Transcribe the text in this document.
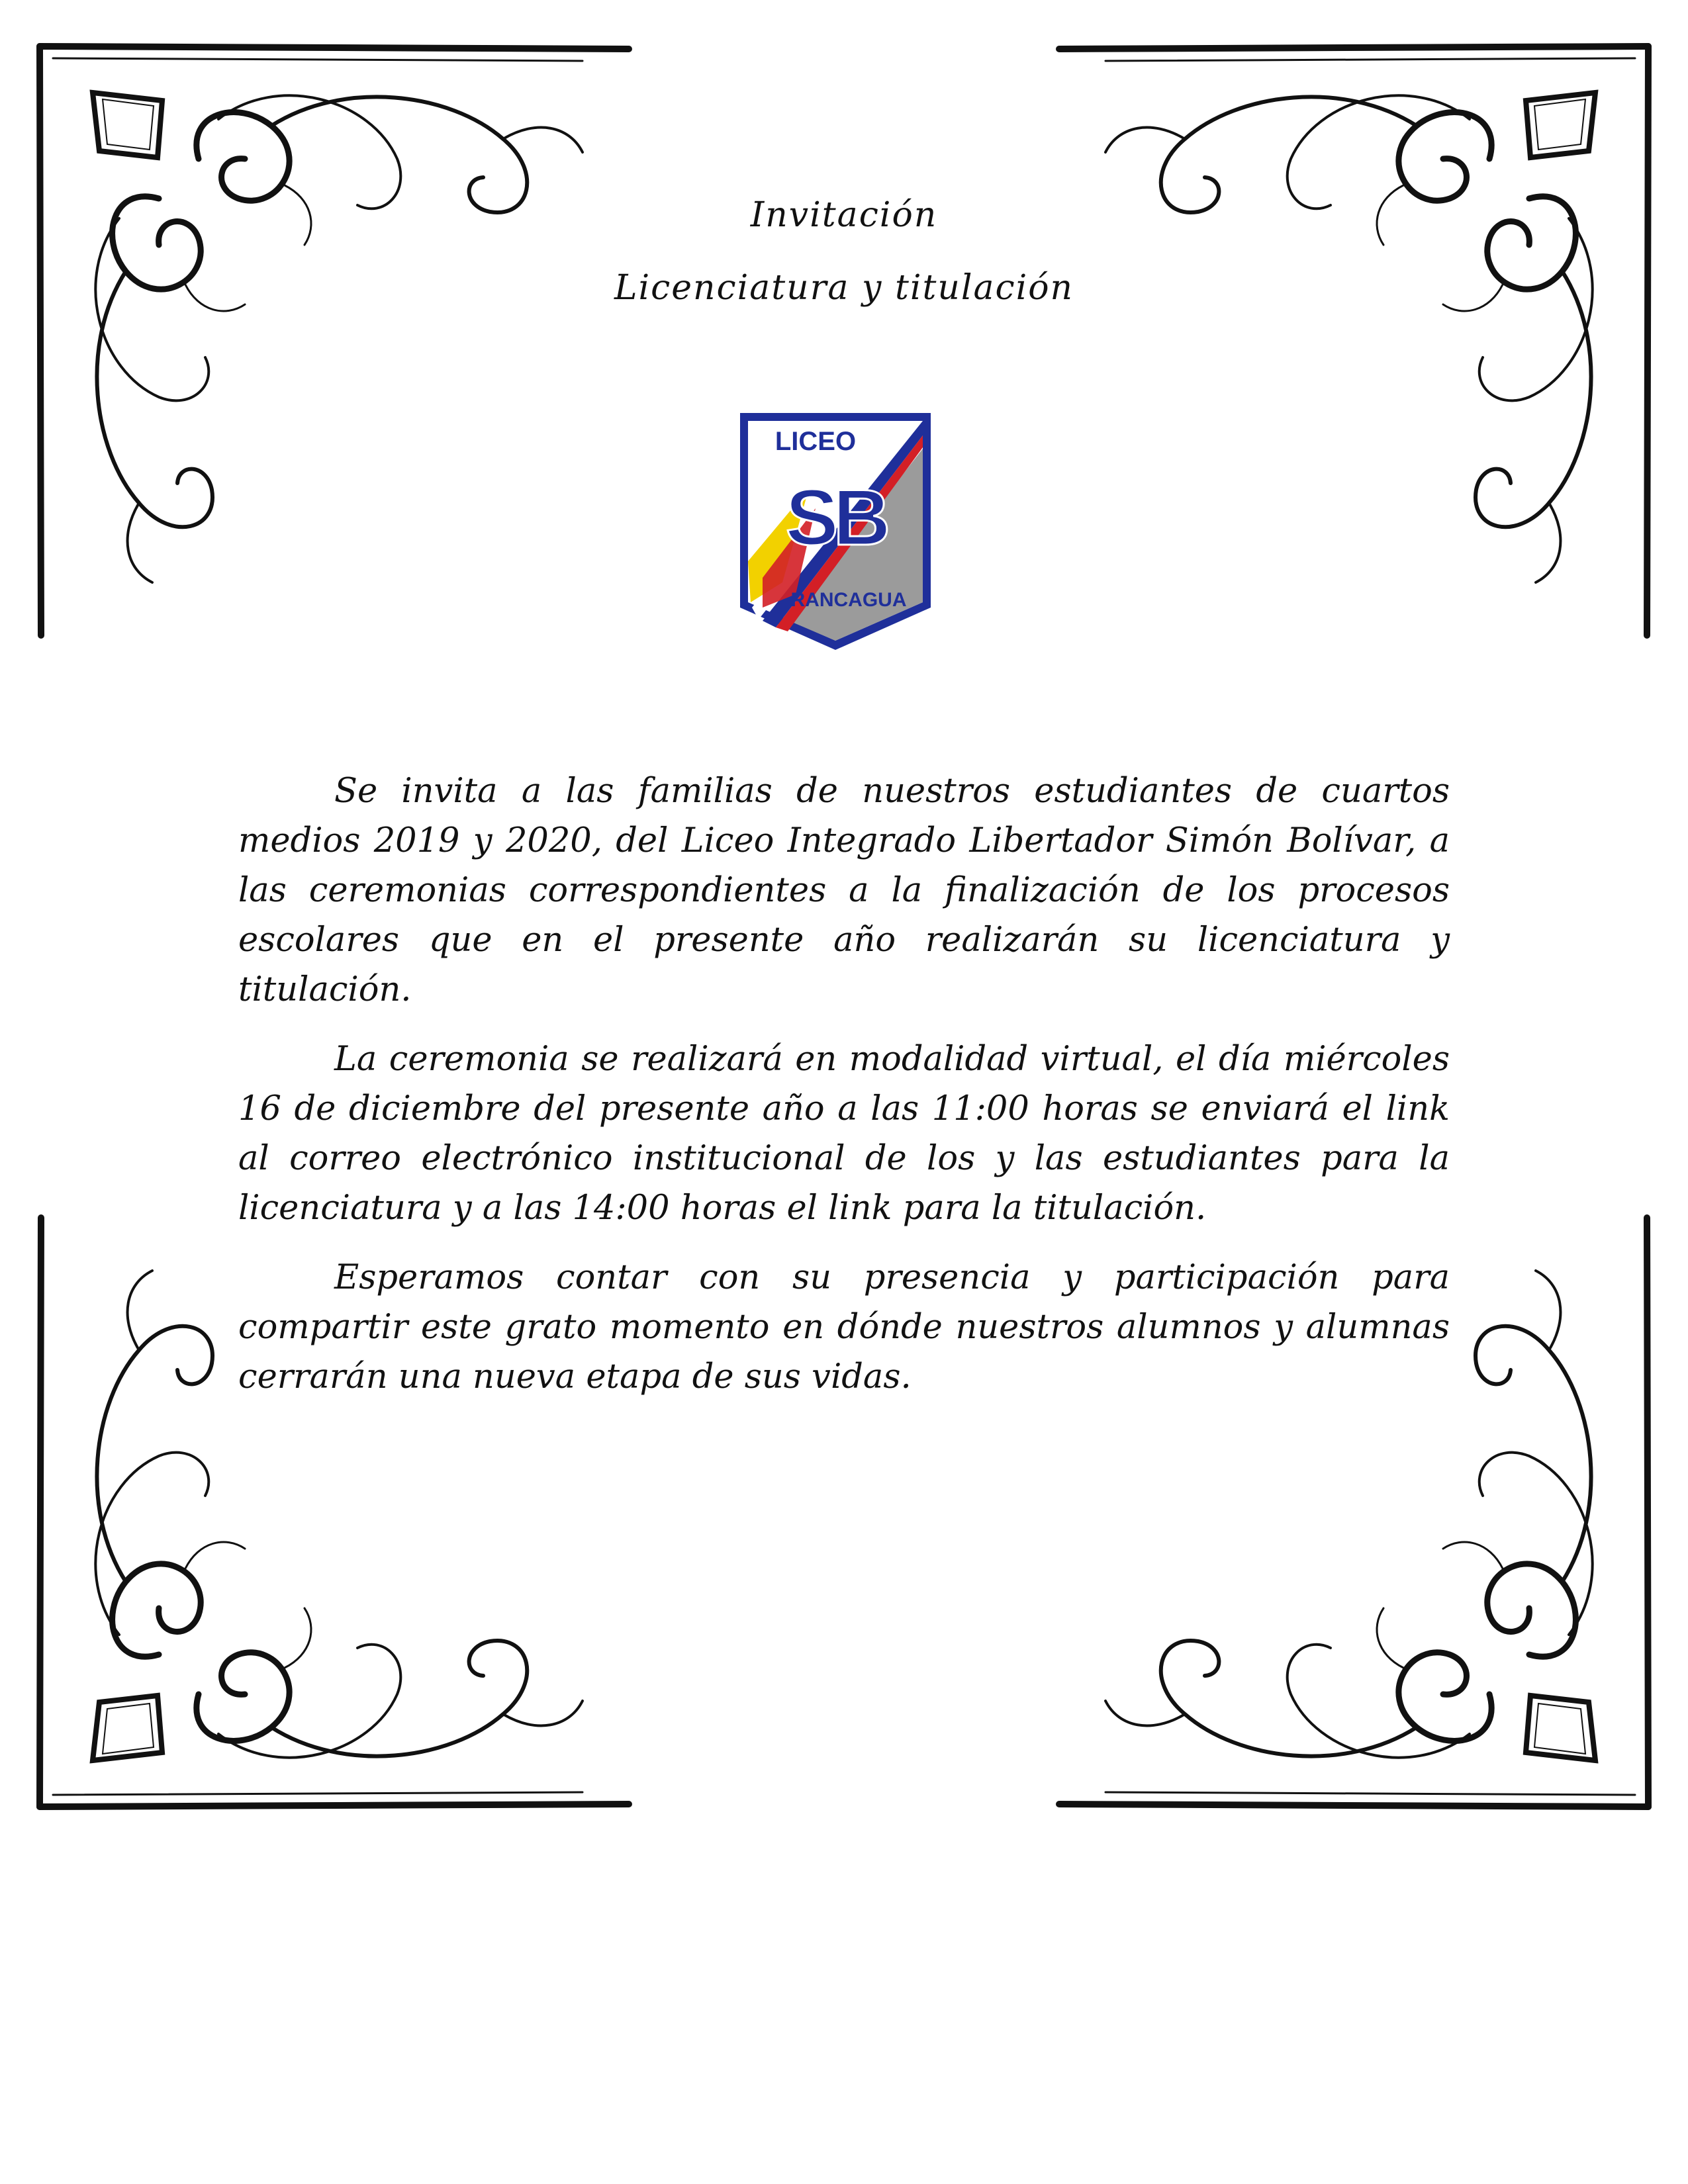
Invitación
Licenciatura y titulación
LICEO
SB
RANCAGUA

Se invita a las familias de nuestros estudiantes de cuartos medios 2019 y 2020, del Liceo Integrado Libertador Simón Bolívar, a las ceremonias correspondientes a la finalización de los procesos escolares que en el presente año realizarán su licenciatura y titulación.

La ceremonia se realizará en modalidad virtual, el día miércoles 16 de diciembre del presente año a las 11:00 horas se enviará el link al correo electrónico institucional de los y las estudiantes para la licenciatura y a las 14:00 horas el link para la titulación.

Esperamos contar con su presencia y participación para compartir este grato momento en dónde nuestros alumnos y alumnas cerrarán una nueva etapa de sus vidas.
